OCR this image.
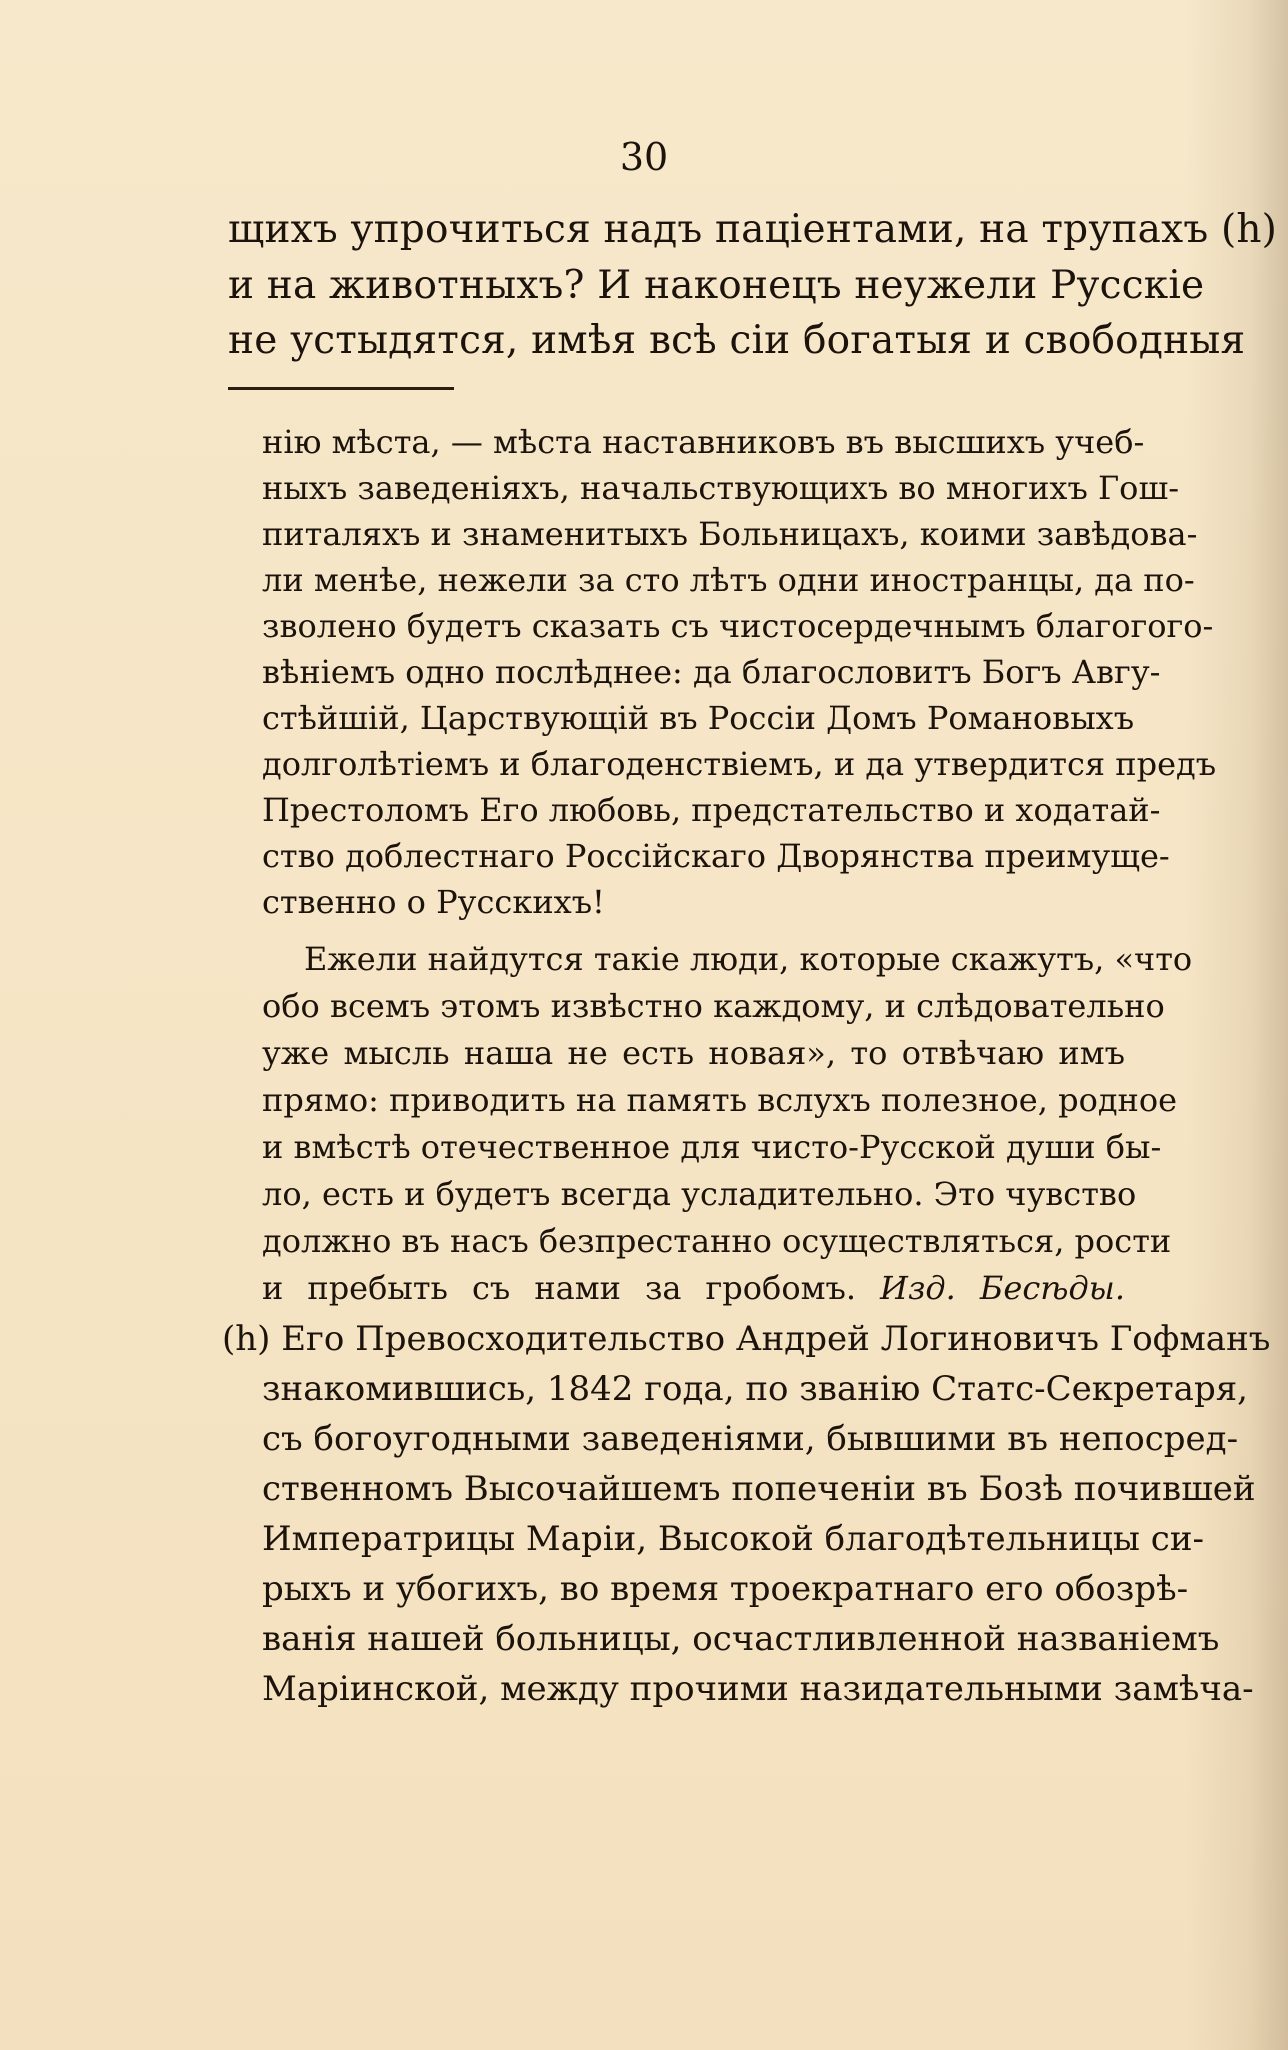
30
щихъ упрочиться надъ паціентами, на трупахъ (h)
и на животныхъ? И наконецъ неужели Русскіе
не устыдятся, имѣя всѣ сіи богатыя и свободныя
нію мѣста, — мѣста наставниковъ въ высшихъ учеб-
ныхъ заведеніяхъ, начальствующихъ во многихъ Гош-
питаляхъ и знаменитыхъ Больницахъ, коими завѣдова-
ли менѣе, нежели за сто лѣтъ одни иностранцы, да по-
зволено будетъ сказать съ чистосердечнымъ благогого-
вѣніемъ одно послѣднее: да благословитъ Богъ Авгу-
стѣйшій, Царствующій въ Россіи Домъ Романовыхъ
долголѣтіемъ и благоденствіемъ, и да утвердится предъ
Престоломъ Его любовь, предстательство и ходатай-
ство доблестнаго Россійскаго Дворянства преимуще-
ственно о Русскихъ!
Ежели найдутся такіе люди, которые скажутъ, «что
обо всемъ этомъ извѣстно каждому, и слѣдовательно
уже мысль наша не есть новая», то отвѣчаю имъ
прямо: приводить на память вслухъ полезное, родное
и вмѣстѣ отечественное для чисто-Русской души бы-
ло, есть и будетъ всегда усладительно. Это чувство
должно въ насъ безпрестанно осуществляться, рости
и пребыть съ нами за гробомъ. Изд. Бесѣды.
(h) Его Превосходительство Андрей Логиновичъ Гофманъ
знакомившись, 1842 года, по званію Статс-Секретаря,
съ богоугодными заведеніями, бывшими въ непосред-
ственномъ Высочайшемъ попеченіи въ Бозѣ почившей
Императрицы Маріи, Высокой благодѣтельницы си-
рыхъ и убогихъ, во время троекратнаго его обозрѣ-
ванія нашей больницы, осчастливленной названіемъ
Маріинской, между прочими назидательными замѣча-
